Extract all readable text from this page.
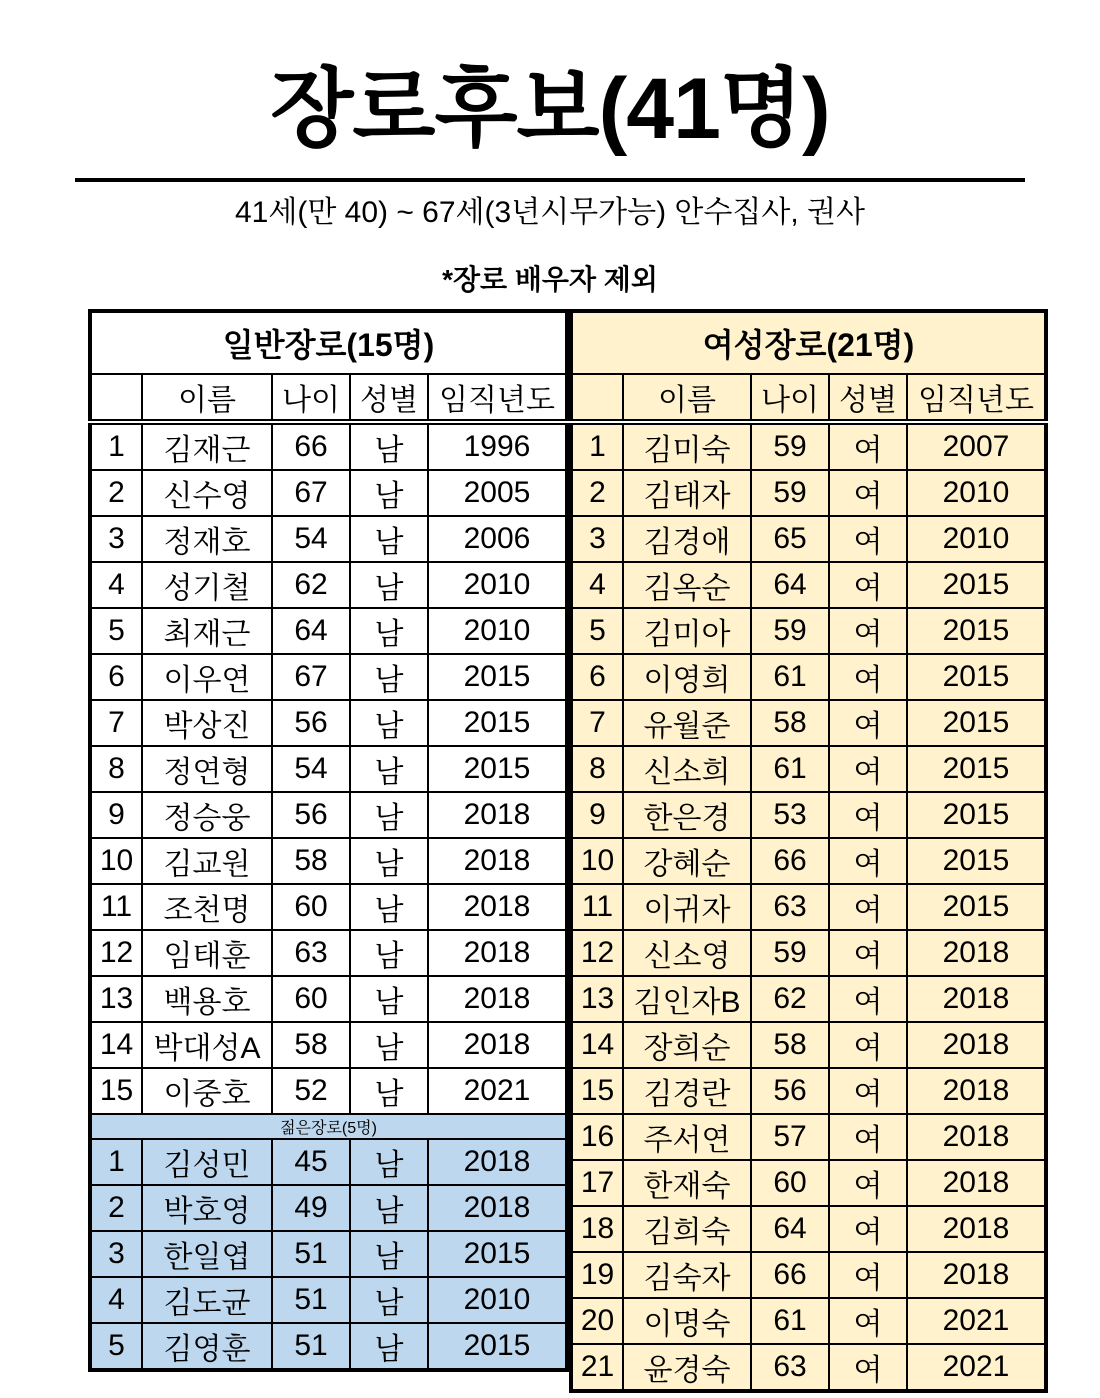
장로후보(41명)
41세(만 40) ~ 67세(3년시무가능) 안수집사, 권사
*장로 배우자 제외
일반장로(15명)				
	이름	나이	성별	임직년도
1	김재근	66	남	1996
2	신수영	67	남	2005
3	정재호	54	남	2006
4	성기철	62	남	2010
5	최재근	64	남	2010
6	이우연	67	남	2015
7	박상진	56	남	2015
8	정연형	54	남	2015
9	정승웅	56	남	2018
10	김교원	58	남	2018
11	조천명	60	남	2018
12	임태훈	63	남	2018
13	백용호	60	남	2018
14	박대성A	58	남	2018
15	이중호	52	남	2021
젊은장로(5명)				
1	김성민	45	남	2018
2	박호영	49	남	2018
3	한일엽	51	남	2015
4	김도균	51	남	2010
5	김영훈	51	남	2015
여성장로(21명)				
	이름	나이	성별	임직년도
1	김미숙	59	여	2007
2	김태자	59	여	2010
3	김경애	65	여	2010
4	김옥순	64	여	2015
5	김미아	59	여	2015
6	이영희	61	여	2015
7	유월준	58	여	2015
8	신소희	61	여	2015
9	한은경	53	여	2015
10	강혜순	66	여	2015
11	이귀자	63	여	2015
12	신소영	59	여	2018
13	김인자B	62	여	2018
14	장희순	58	여	2018
15	김경란	56	여	2018
16	주서연	57	여	2018
17	한재숙	60	여	2018
18	김희숙	64	여	2018
19	김숙자	66	여	2018
20	이명숙	61	여	2021
21	윤경숙	63	여	2021
